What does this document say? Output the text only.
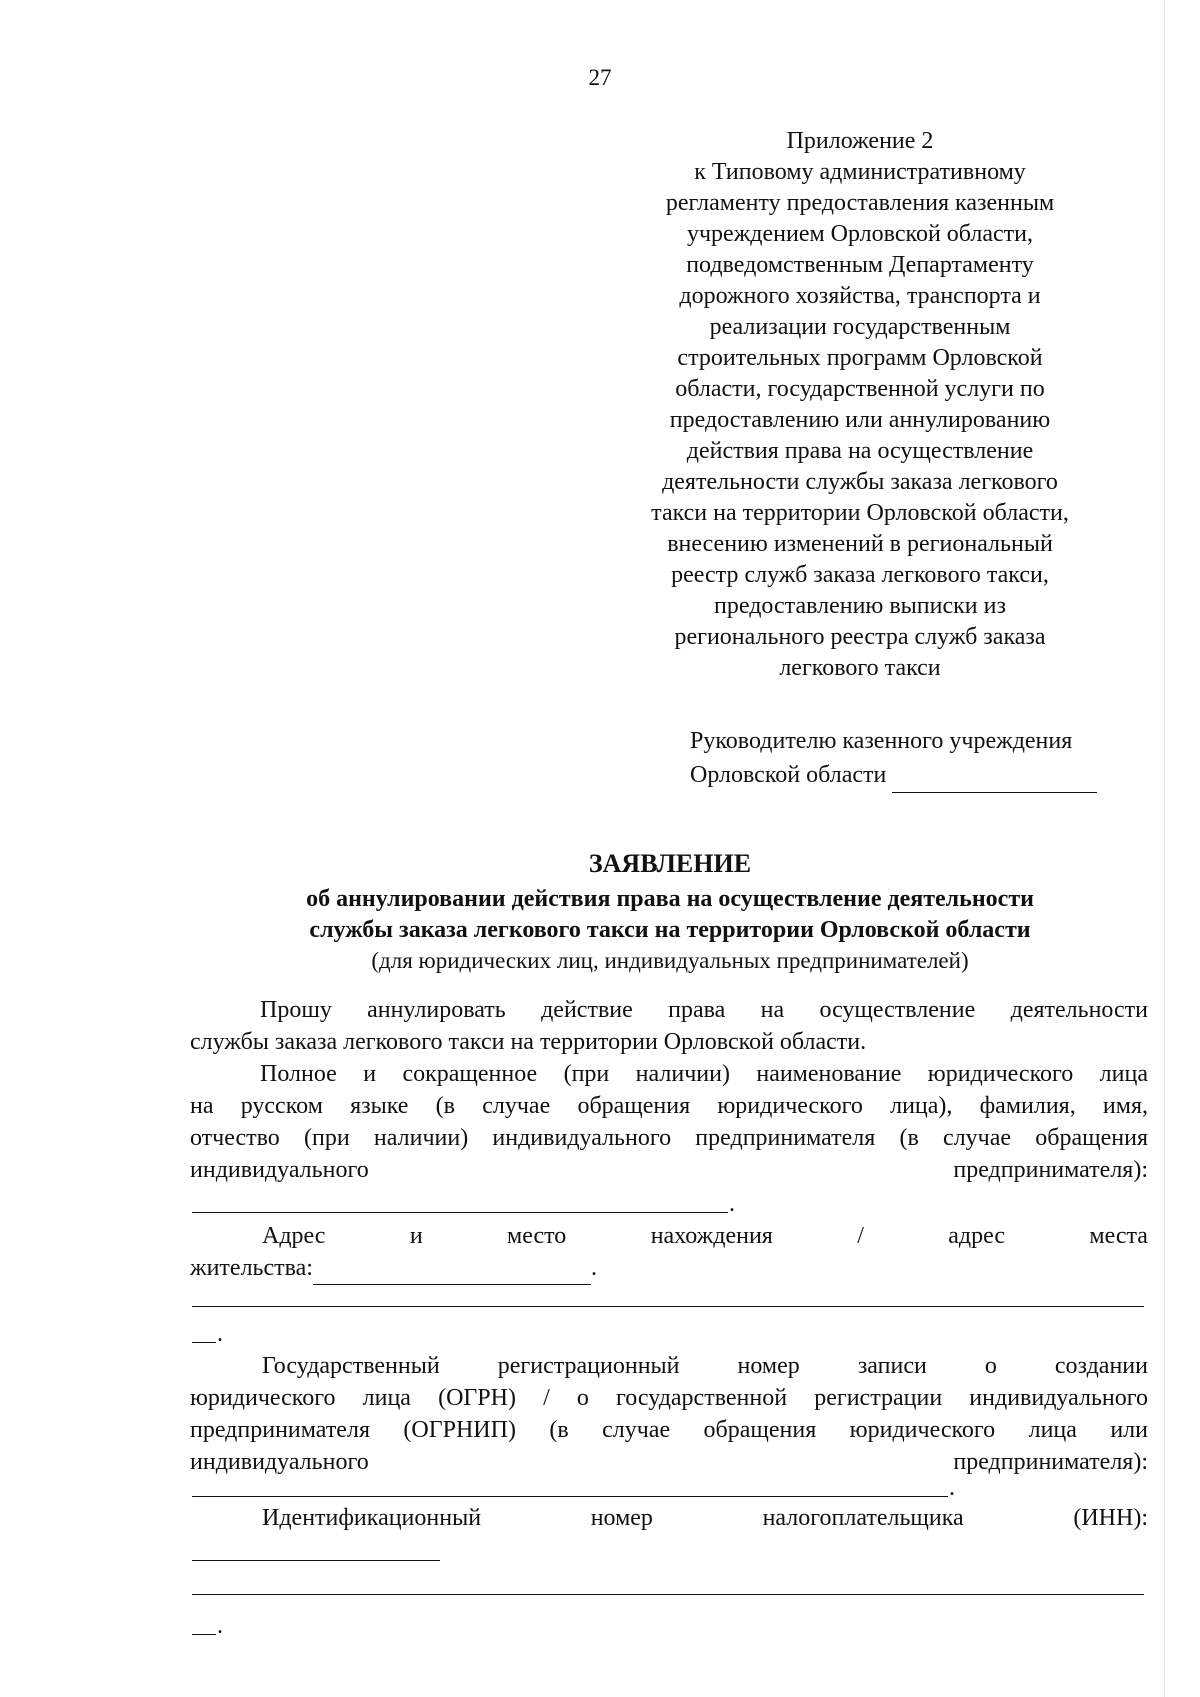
27
Приложение 2
к Типовому административному
регламенту предоставления казенным
учреждением Орловской области,
подведомственным Департаменту
дорожного хозяйства, транспорта и
реализации государственным
строительных программ Орловской
области, государственной услуги по
предоставлению или аннулированию
действия права на осуществление
деятельности службы заказа легкового
такси на территории Орловской области,
внесению изменений в региональный
реестр служб заказа легкового такси,
предоставлению выписки из
регионального реестра служб заказа
легкового такси
Руководителю казенного учреждения
Орловской области
ЗАЯВЛЕНИЕ
об аннулировании действия права на осуществление деятельности
службы заказа легкового такси на территории Орловской области
(для юридических лиц, индивидуальных предпринимателей)
Прошу аннулировать действие права на осуществление деятельности
службы заказа легкового такси на территории Орловской области.
Полное и сокращенное (при наличии) наименование юридического лица
на русском языке (в случае обращения юридического лица), фамилия, имя,
отчество (при наличии) индивидуального предпринимателя (в случае обращения
индивидуального	предпринимателя):
.
Адрес	и	место	нахождения	/	адрес	места
жительства:	.
.
Государственный регистрационный номер записи о создании
юридического лица (ОГРН) / о государственной регистрации индивидуального
предпринимателя (ОГРНИП) (в случае обращения юридического лица или
индивидуального	предпринимателя):
.
Идентификационный	номер	налогоплательщика	(ИНН):
.
